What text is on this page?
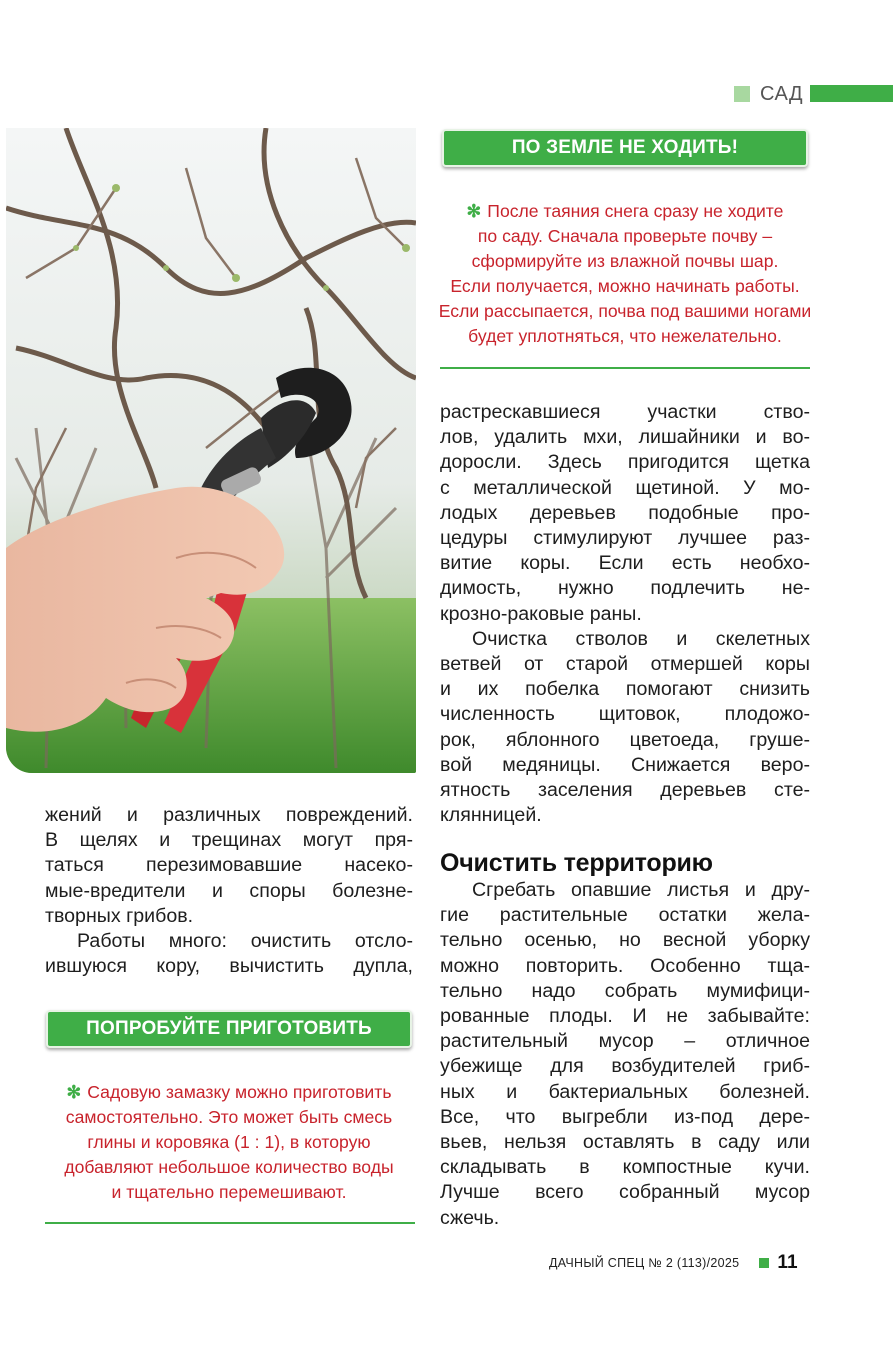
САД
ПО ЗЕМЛЕ НЕ ХОДИТЬ!
✻ После таяния снега сразу не ходите
по саду. Сначала проверьте почву –
сформируйте из влажной почвы шар.
Если получается, можно начинать работы.
Если рассыпается, почва под вашими ногами
будет уплотняться, что нежелательно.
растрескавшиеся участки ство-
лов, удалить мхи, лишайники и во-
доросли. Здесь пригодится щетка
с металлической щетиной. У мо-
лодых деревьев подобные про-
цедуры стимулируют лучшее раз-
витие коры. Если есть необхо-
димость, нужно подлечить не-
крозно-раковые раны.
Очистка стволов и скелетных
ветвей от старой отмершей коры
и их побелка помогают снизить
численность щитовок, плодожо-
рок, яблонного цветоеда, груше-
вой медяницы. Снижается веро-
ятность заселения деревьев сте-
клянницей.
Очистить территорию
Сгребать опавшие листья и дру-
гие растительные остатки жела-
тельно осенью, но весной уборку
можно повторить. Особенно тща-
тельно надо собрать мумифици-
рованные плоды. И не забывайте:
растительный мусор – отличное
убежище для возбудителей гриб-
ных и бактериальных болезней.
Все, что выгребли из-под дере-
вьев, нельзя оставлять в саду или
складывать в компостные кучи.
Лучше всего собранный мусор
сжечь.
жений и различных повреждений.
В щелях и трещинах могут пря-
таться перезимовавшие насеко-
мые-вредители и споры болезне-
творных грибов.
Работы много: очистить отсло-
ившуюся кору, вычистить дупла,
ПОПРОБУЙТЕ ПРИГОТОВИТЬ
✻ Садовую замазку можно приготовить
самостоятельно. Это может быть смесь
глины и коровяка (1 : 1), в которую
добавляют небольшое количество воды
и тщательно перемешивают.
ДАЧНЫЙ СПЕЦ № 2 (113)/2025 11
